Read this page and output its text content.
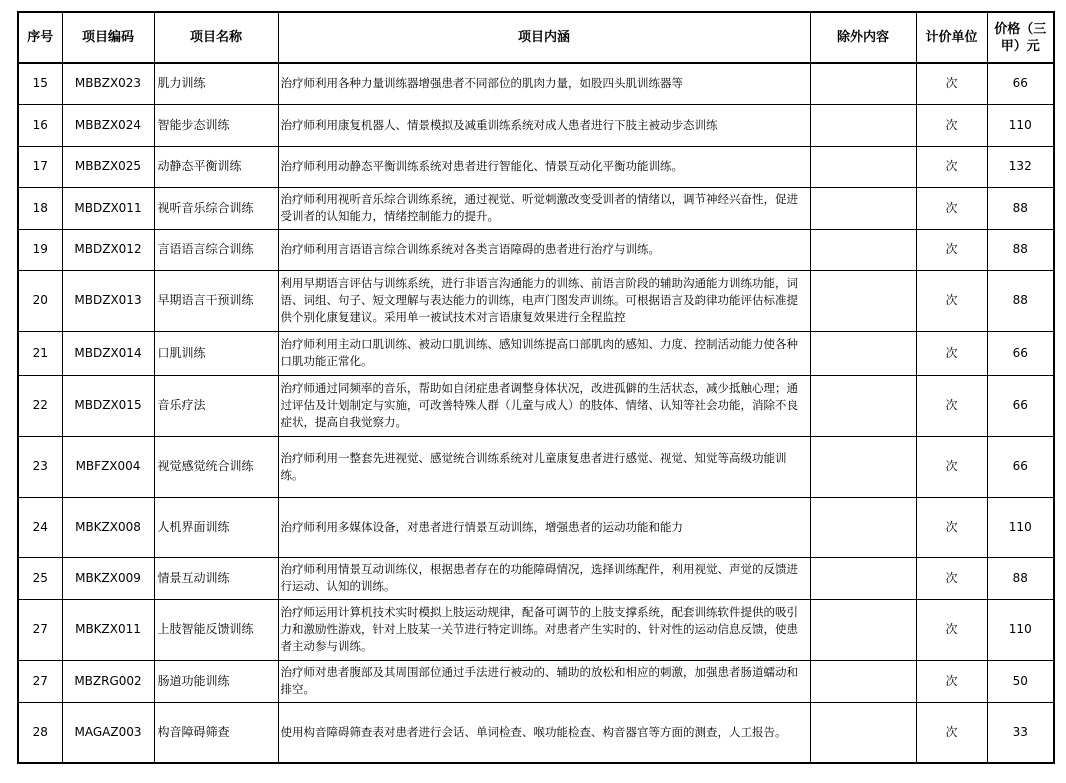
序号	项目编码	项目名称	项目内涵	除外内容	计价单位	价格（三甲）元
15	MBBZX023	肌力训练	治疗师利用各种力量训练器增强患者不同部位的肌肉力量，如股四头肌训练器等		次	66
16	MBBZX024	智能步态训练	治疗师利用康复机器人、情景模拟及减重训练系统对成人患者进行下肢主被动步态训练		次	110
17	MBBZX025	动静态平衡训练	治疗师利用动静态平衡训练系统对患者进行智能化、情景互动化平衡功能训练。		次	132
18	MBDZX011	视听音乐综合训练	治疗师利用视听音乐综合训练系统，通过视觉、听觉刺激改变受训者的情绪以，调节神经兴奋性，促进受训者的认知能力，情绪控制能力的提升。		次	88
19	MBDZX012	言语语言综合训练	治疗师利用言语语言综合训练系统对各类言语障碍的患者进行治疗与训练。		次	88
20	MBDZX013	早期语言干预训练	利用早期语言评估与训练系统，进行非语言沟通能力的训练、前语言阶段的辅助沟通能力训练功能，词语、词组、句子、短文理解与表达能力的训练，电声门图发声训练。可根据语言及韵律功能评估标准提供个别化康复建议。采用单一被试技术对言语康复效果进行全程监控		次	88
21	MBDZX014	口肌训练	治疗师利用主动口肌训练、被动口肌训练、感知训练提高口部肌肉的感知、力度、控制活动能力使各种口肌功能正常化。		次	66
22	MBDZX015	音乐疗法	治疗师通过同频率的音乐，帮助如自闭症患者调整身体状况，改进孤僻的生活状态，减少抵触心理；通过评估及计划制定与实施，可改善特殊人群（儿童与成人）的肢体、情绪、认知等社会功能，消除不良症状，提高自我觉察力。		次	66
23	MBFZX004	视觉感觉统合训练	治疗师利用一整套先进视觉、感觉统合训练系统对儿童康复患者进行感觉、视觉、知觉等高级功能训练。		次	66
24	MBKZX008	人机界面训练	治疗师利用多媒体设备，对患者进行情景互动训练，增强患者的运动功能和能力		次	110
25	MBKZX009	情景互动训练	治疗师利用情景互动训练仪，根据患者存在的功能障碍情况，选择训练配件，利用视觉、声觉的反馈进行运动、认知的训练。		次	88
27	MBKZX011	上肢智能反馈训练	治疗师运用计算机技术实时模拟上肢运动规律，配备可调节的上肢支撑系统，配套训练软件提供的吸引力和激励性游戏，针对上肢某一关节进行特定训练。对患者产生实时的、针对性的运动信息反馈，使患者主动参与训练。		次	110
27	MBZRG002	肠道功能训练	治疗师对患者腹部及其周围部位通过手法进行被动的、辅助的放松和相应的刺激，加强患者肠道蠕动和排空。		次	50
28	MAGAZ003	构音障碍筛查	使用构音障碍筛查表对患者进行会话、单词检查、喉功能检查、构音器官等方面的测查，人工报告。		次	33
